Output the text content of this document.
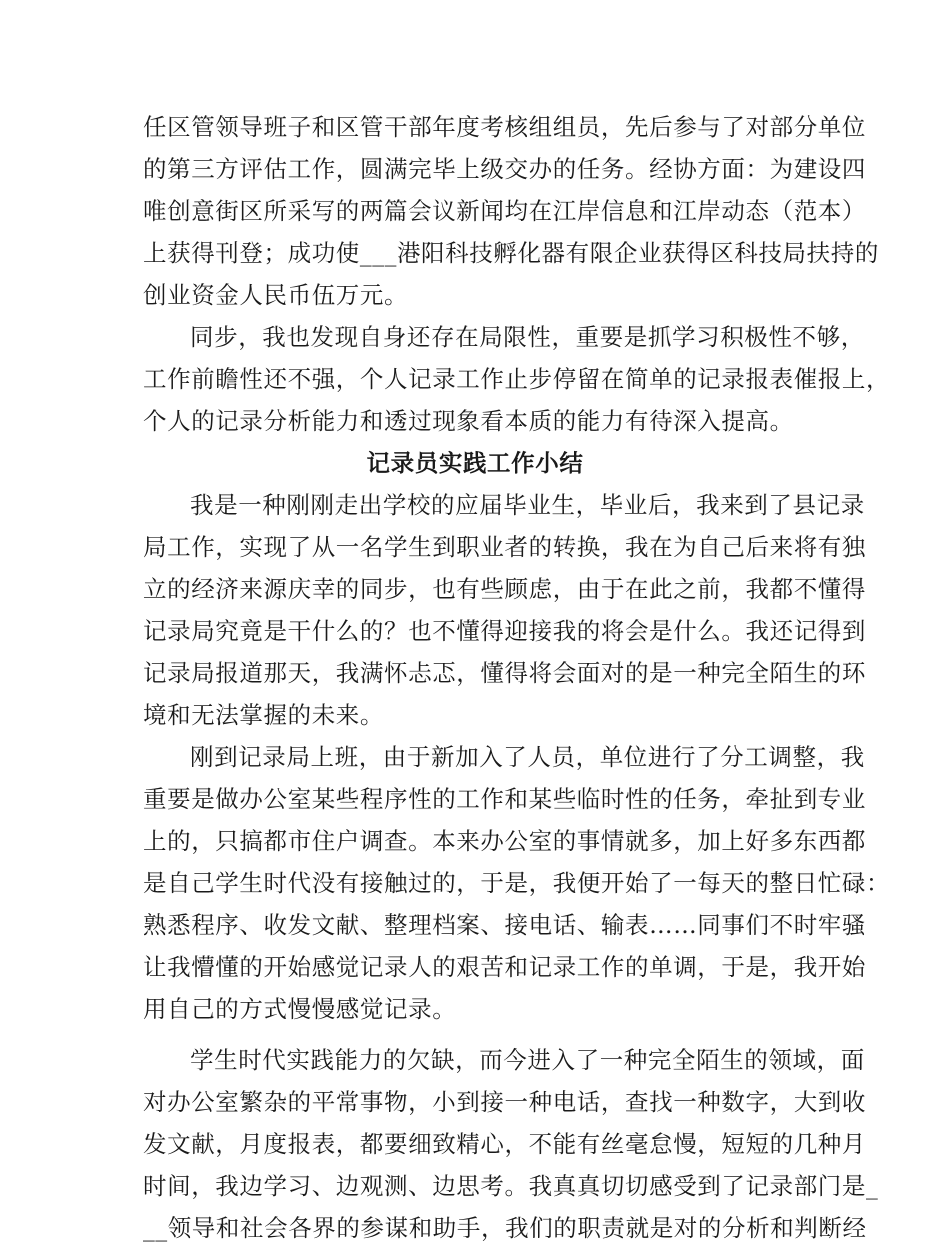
任区管领导班子和区管干部年度考核组组员，先后参与了对部分单位
的第三方评估工作，圆满完毕上级交办的任务。经协方面：为建设四
唯创意街区所采写的两篇会议新闻均在江岸信息和江岸动态（范本）
上获得刊登；成功使___港阳科技孵化器有限企业获得区科技局扶持的
创业资金人民币伍万元。
同步，我也发现自身还存在局限性，重要是抓学习积极性不够，
工作前瞻性还不强，个人记录工作止步停留在简单的记录报表催报上，
个人的记录分析能力和透过现象看本质的能力有待深入提高。
记录员实践工作小结
我是一种刚刚走出学校的应届毕业生，毕业后，我来到了县记录
局工作，实现了从一名学生到职业者的转换，我在为自己后来将有独
立的经济来源庆幸的同步，也有些顾虑，由于在此之前，我都不懂得
记录局究竟是干什么的？也不懂得迎接我的将会是什么。我还记得到
记录局报道那天，我满怀忐忑，懂得将会面对的是一种完全陌生的环
境和无法掌握的未来。
刚到记录局上班，由于新加入了人员，单位进行了分工调整，我
重要是做办公室某些程序性的工作和某些临时性的任务，牵扯到专业
上的，只搞都市住户调查。本来办公室的事情就多，加上好多东西都
是自己学生时代没有接触过的，于是，我便开始了一每天的整日忙碌：
熟悉程序、收发文献、整理档案、接电话、输表……同事们不时牢骚
让我懵懂的开始感觉记录人的艰苦和记录工作的单调，于是，我开始
用自己的方式慢慢感觉记录。
学生时代实践能力的欠缺，而今进入了一种完全陌生的领域，面
对办公室繁杂的平常事物，小到接一种电话，查找一种数字，大到收
发文献，月度报表，都要细致精心，不能有丝毫怠慢，短短的几种月
时间，我边学习、边观测、边思考。我真真切切感受到了记录部门是_
__领导和社会各界的参谋和助手，我们的职责就是对的分析和判断经
